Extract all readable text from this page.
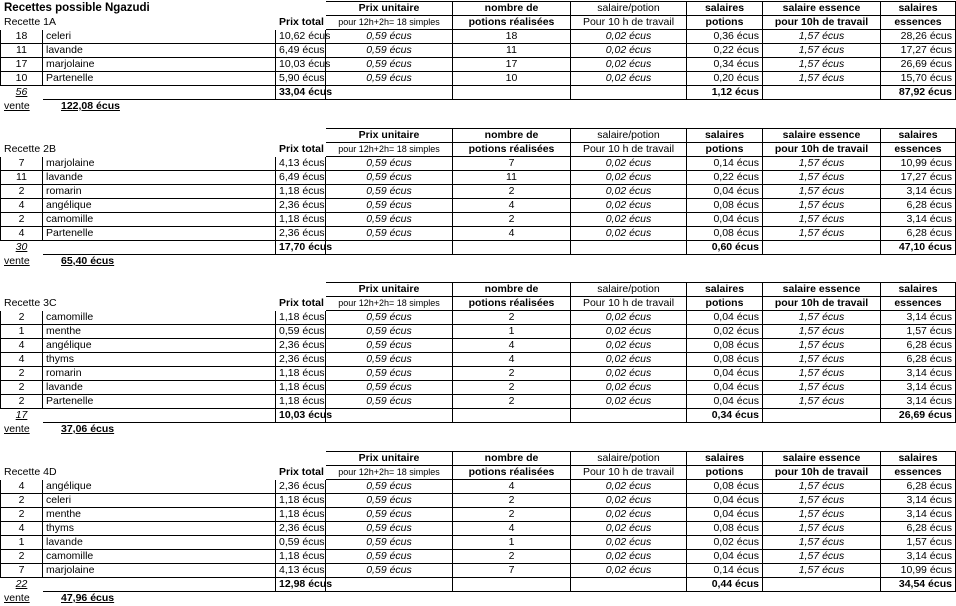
Recettes possible Ngazudi			Prix unitaire	nombre de	salaire/potion	salaires	salaire essence	salaires
Recette 1A		Prix total	pour 12h+2h= 18 simples	potions réalisées	Pour 10 h de travail	potions	pour 10h de travail	essences
18	celeri	10,62 écus	0,59 écus	18	0,02 écus	0,36 écus	1,57 écus	28,26 écus
11	lavande	6,49 écus	0,59 écus	11	0,02 écus	0,22 écus	1,57 écus	17,27 écus
17	marjolaine	10,03 écus	0,59 écus	17	0,02 écus	0,34 écus	1,57 écus	26,69 écus
10	Partenelle	5,90 écus	0,59 écus	10	0,02 écus	0,20 écus	1,57 écus	15,70 écus
56		33,04 écus				1,12 écus		87,92 écus
vente	122,08 écus							
			Prix unitaire	nombre de	salaire/potion	salaires	salaire essence	salaires
Recette 2B		Prix total	pour 12h+2h= 18 simples	potions réalisées	Pour 10 h de travail	potions	pour 10h de travail	essences
7	marjolaine	4,13 écus	0,59 écus	7	0,02 écus	0,14 écus	1,57 écus	10,99 écus
11	lavande	6,49 écus	0,59 écus	11	0,02 écus	0,22 écus	1,57 écus	17,27 écus
2	romarin	1,18 écus	0,59 écus	2	0,02 écus	0,04 écus	1,57 écus	3,14 écus
4	angélique	2,36 écus	0,59 écus	4	0,02 écus	0,08 écus	1,57 écus	6,28 écus
2	camomille	1,18 écus	0,59 écus	2	0,02 écus	0,04 écus	1,57 écus	3,14 écus
4	Partenelle	2,36 écus	0,59 écus	4	0,02 écus	0,08 écus	1,57 écus	6,28 écus
30		17,70 écus				0,60 écus		47,10 écus
vente	65,40 écus							
			Prix unitaire	nombre de	salaire/potion	salaires	salaire essence	salaires
Recette 3C		Prix total	pour 12h+2h= 18 simples	potions réalisées	Pour 10 h de travail	potions	pour 10h de travail	essences
2	camomille	1,18 écus	0,59 écus	2	0,02 écus	0,04 écus	1,57 écus	3,14 écus
1	menthe	0,59 écus	0,59 écus	1	0,02 écus	0,02 écus	1,57 écus	1,57 écus
4	angélique	2,36 écus	0,59 écus	4	0,02 écus	0,08 écus	1,57 écus	6,28 écus
4	thyms	2,36 écus	0,59 écus	4	0,02 écus	0,08 écus	1,57 écus	6,28 écus
2	romarin	1,18 écus	0,59 écus	2	0,02 écus	0,04 écus	1,57 écus	3,14 écus
2	lavande	1,18 écus	0,59 écus	2	0,02 écus	0,04 écus	1,57 écus	3,14 écus
2	Partenelle	1,18 écus	0,59 écus	2	0,02 écus	0,04 écus	1,57 écus	3,14 écus
17		10,03 écus				0,34 écus		26,69 écus
vente	37,06 écus							
			Prix unitaire	nombre de	salaire/potion	salaires	salaire essence	salaires
Recette 4D		Prix total	pour 12h+2h= 18 simples	potions réalisées	Pour 10 h de travail	potions	pour 10h de travail	essences
4	angélique	2,36 écus	0,59 écus	4	0,02 écus	0,08 écus	1,57 écus	6,28 écus
2	celeri	1,18 écus	0,59 écus	2	0,02 écus	0,04 écus	1,57 écus	3,14 écus
2	menthe	1,18 écus	0,59 écus	2	0,02 écus	0,04 écus	1,57 écus	3,14 écus
4	thyms	2,36 écus	0,59 écus	4	0,02 écus	0,08 écus	1,57 écus	6,28 écus
1	lavande	0,59 écus	0,59 écus	1	0,02 écus	0,02 écus	1,57 écus	1,57 écus
2	camomille	1,18 écus	0,59 écus	2	0,02 écus	0,04 écus	1,57 écus	3,14 écus
7	marjolaine	4,13 écus	0,59 écus	7	0,02 écus	0,14 écus	1,57 écus	10,99 écus
22		12,98 écus				0,44 écus		34,54 écus
vente	47,96 écus							
